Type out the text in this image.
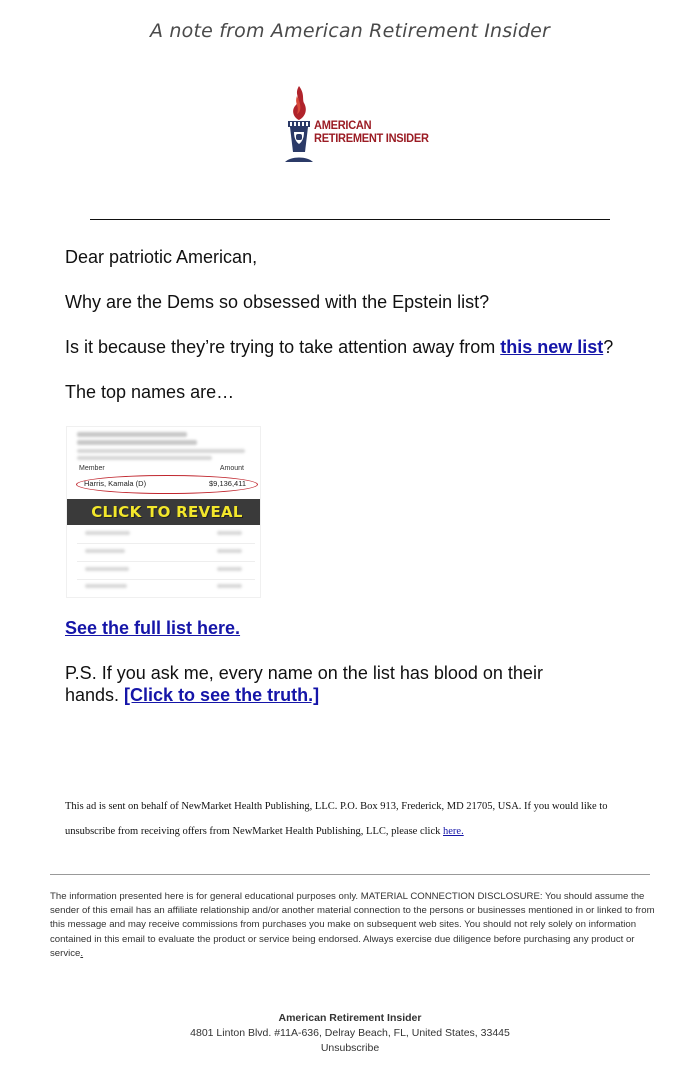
A note from American Retirement Insider
AMERICAN
RETIREMENT INSIDER
Dear patriotic American,
Why are the Dems so obsessed with the Epstein list?
Is it because they’re trying to take attention away from this new list?
The top names are…
Member	Amount
Harris, Kamala (D)	$9,136,411
CLICK TO REVEAL
See the full list here.
P.S. If you ask me, every name on the list has blood on their
hands. [Click to see the truth.]
This ad is sent on behalf of NewMarket Health Publishing, LLC. P.O. Box 913, Frederick, MD 21705, USA. If you would like to
unsubscribe from receiving offers from NewMarket Health Publishing, LLC, please click here.
The information presented here is for general educational purposes only. MATERIAL CONNECTION DISCLOSURE: You should assume the sender of this email has an affiliate relationship and/or another material connection to the persons or businesses mentioned in or linked to from this message and may receive commissions from purchases you make on subsequent web sites. You should not rely solely on information contained in this email to evaluate the product or service being endorsed. Always exercise due diligence before purchasing any product or service.
American Retirement Insider
4801 Linton Blvd. #11A-636, Delray Beach, FL, United States, 33445
Unsubscribe
